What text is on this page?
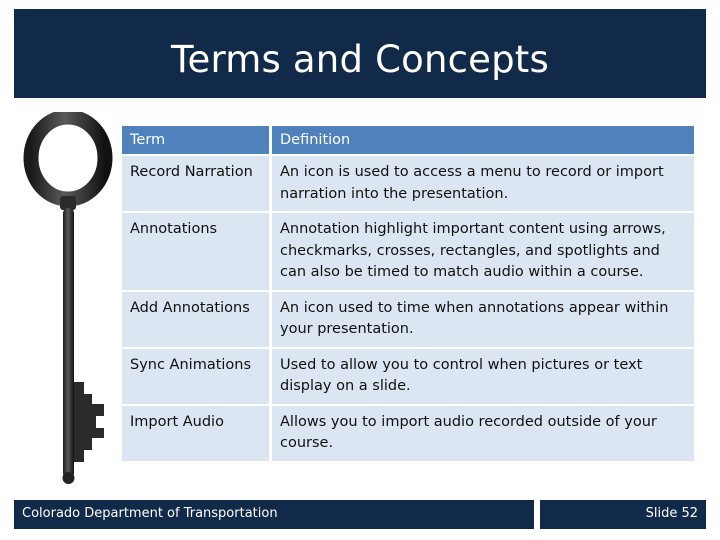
Terms and Concepts
Term	Definition
Record Narration	An icon is used to access a menu to record or import narration into the presentation.
Annotations	Annotation highlight important content using arrows, checkmarks, crosses, rectangles, and spotlights and can also be timed to match audio within a course.
Add Annotations	An icon used to time when annotations appear within your presentation.
Sync Animations	Used to allow you to control when pictures or text display on a slide.
Import Audio	Allows you to import audio recorded outside of your course.
Colorado Department of Transportation	Slide 52
